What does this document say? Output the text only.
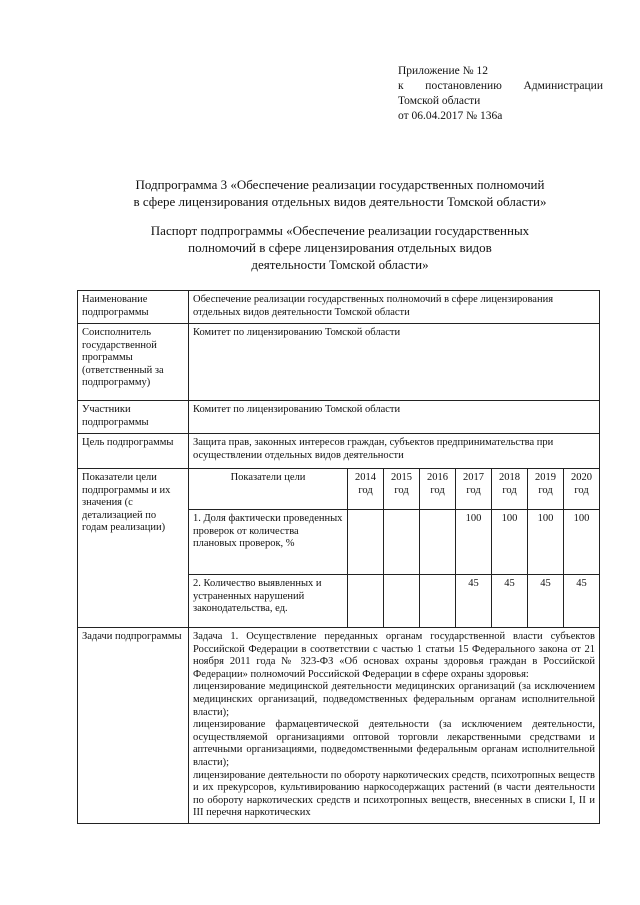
Приложение № 12
к постановлению Администрации
Томской области
от 06.04.2017 № 136а
Подпрограмма 3 «Обеспечение реализации государственных полномочий
в сфере лицензирования отдельных видов деятельности Томской области»
Паспорт подпрограммы «Обеспечение реализации государственных
полномочий в сфере лицензирования отдельных видов
деятельности Томской области»
Наименование подпрограммы	Обеспечение реализации государственных полномочий в сфере лицензирования отдельных видов деятельности Томской области
Соисполнитель государственной программы (ответственный за подпрограмму)	Комитет по лицензированию Томской области
Участники подпрограммы	Комитет по лицензированию Томской области
Цель подпрограммы	Защита прав, законных интересов граждан, субъектов предпринимательства при осуществлении отдельных видов деятельности
Показатели цели подпрограммы и их значения (с детализацией по годам реализации)	
Показатели цели	2014 год	2015 год	2016 год	2017 год	2018 год	2019 год	2020 год
1. Доля фактически проведенных проверок от количества плановых проверок, %				100	100	100	100
2. Количество выявленных и устраненных нарушений законодательства, ед.				45	45	45	45

Задачи подпрограммы	Задача 1. Осуществление переданных органам государственной власти субъектов Российской Федерации в соответствии с частью 1 статьи 15 Федерального закона от 21 ноября 2011 года № 323-ФЗ «Об основах охраны здоровья граждан в Российской Федерации» полномочий Российской Федерации в сфере охраны здоровья:

лицензирование медицинской деятельности медицинских организаций (за исключением медицинских организаций, подведомственных федеральным органам исполнительной власти);

лицензирование фармацевтической деятельности (за исключением деятельности, осуществляемой организациями оптовой торговли лекарственными средствами и аптечными организациями, подведомственными федеральным органам исполнительной власти);

лицензирование деятельности по обороту наркотических средств, психотропных веществ и их прекурсоров, культивированию наркосодержащих растений (в части деятельности по обороту наркотических средств и психотропных веществ, внесенных в списки I, II и III перечня наркотических
